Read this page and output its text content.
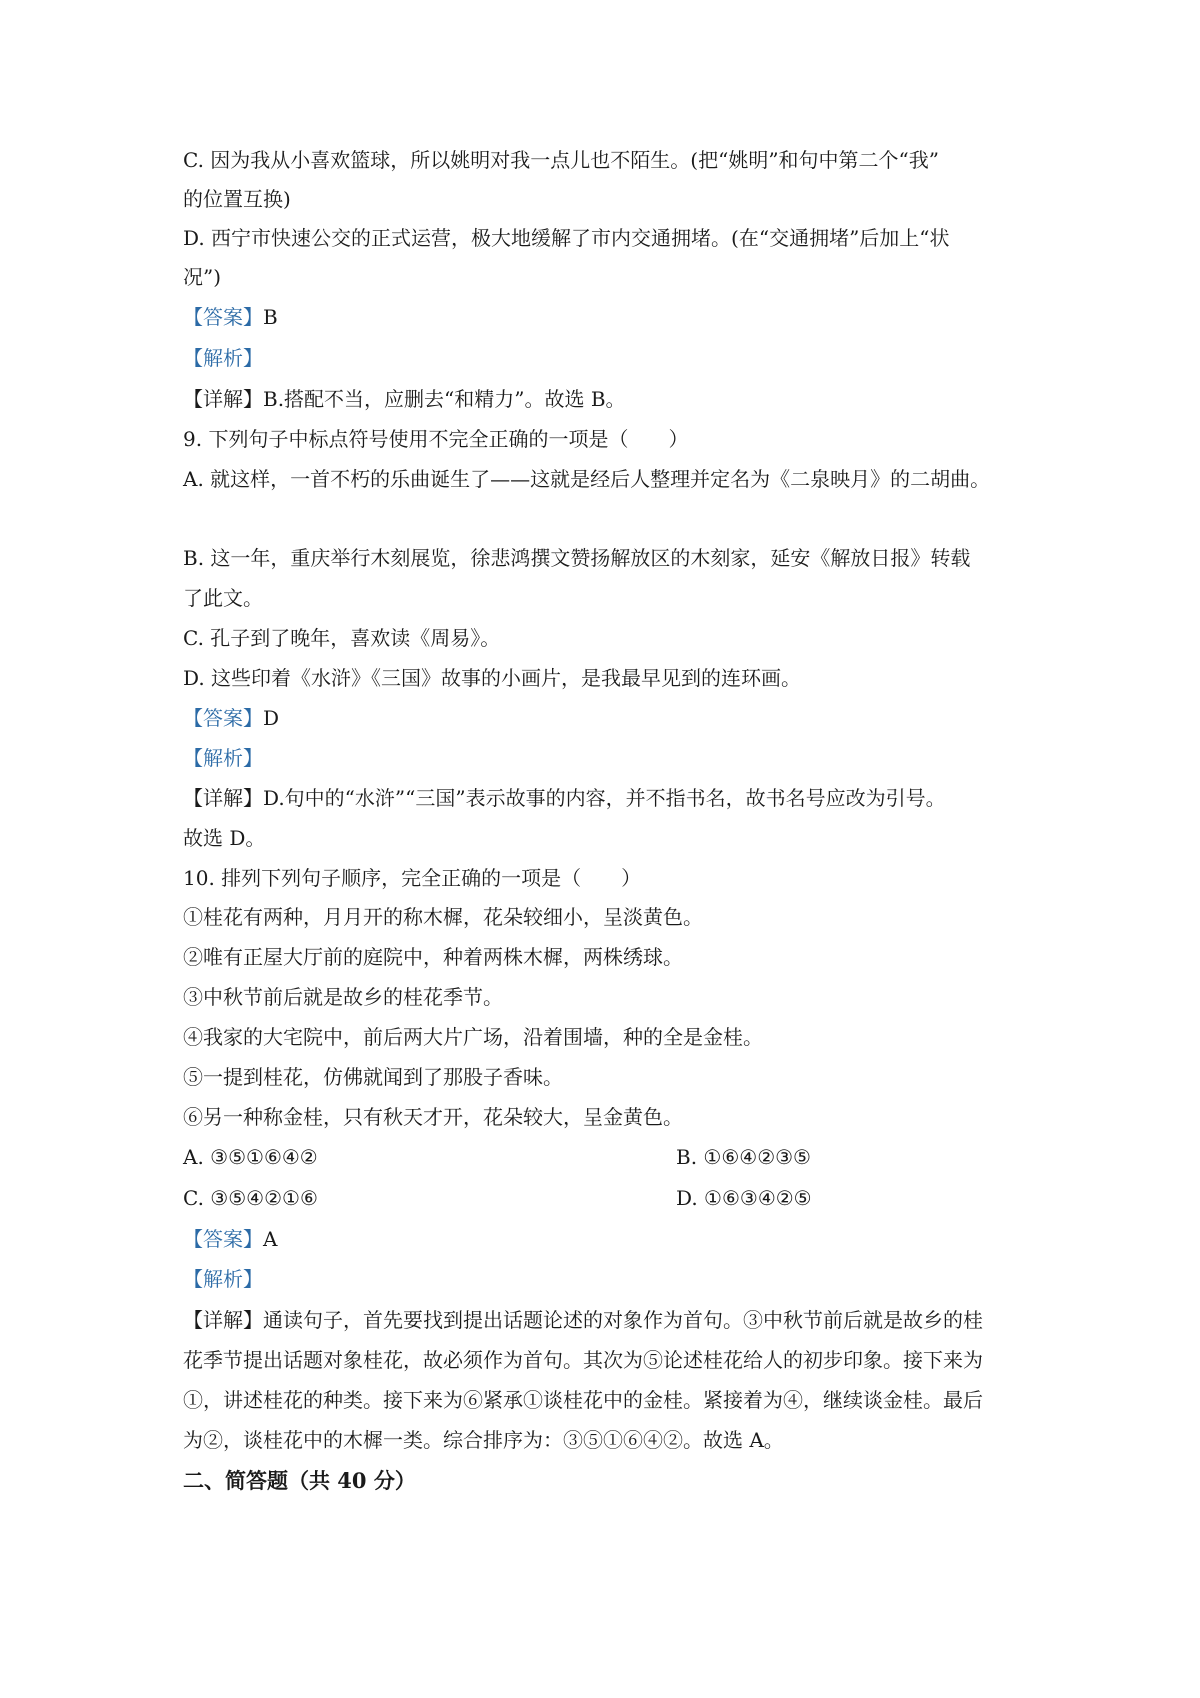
C. 因为我从小喜欢篮球，所以姚明对我一点儿也不陌生。(把“姚明”和句中第二个“我”
的位置互换)
D. 西宁市快速公交的正式运营，极大地缓解了市内交通拥堵。(在“交通拥堵”后加上“状
况”)
【答案】B
【解析】
【详解】B.搭配不当，应删去“和精力”。故选 B。
9. 下列句子中标点符号使用不完全正确的一项是（　　）
A. 就这样，一首不朽的乐曲诞生了——这就是经后人整理并定名为《二泉映月》的二胡曲。
B. 这一年，重庆举行木刻展览，徐悲鸿撰文赞扬解放区的木刻家，延安《解放日报》转载
了此文。
C. 孔子到了晚年，喜欢读《周易》。
D. 这些印着《水浒》《三国》故事的小画片，是我最早见到的连环画。
【答案】D
【解析】
【详解】D.句中的“水浒”“三国”表示故事的内容，并不指书名，故书名号应改为引号。
故选 D。
10. 排列下列句子顺序，完全正确的一项是（　　）
①桂花有两种，月月开的称木樨，花朵较细小，呈淡黄色。
②唯有正屋大厅前的庭院中，种着两株木樨，两株绣球。
③中秋节前后就是故乡的桂花季节。
④我家的大宅院中，前后两大片广场，沿着围墙，种的全是金桂。
⑤一提到桂花，仿佛就闻到了那股子香味。
⑥另一种称金桂，只有秋天才开，花朵较大，呈金黄色。
A. ③⑤①⑥④②	B. ①⑥④②③⑤
C. ③⑤④②①⑥	D. ①⑥③④②⑤
【答案】A
【解析】
【详解】通读句子，首先要找到提出话题论述的对象作为首句。③中秋节前后就是故乡的桂
花季节提出话题对象桂花，故必须作为首句。其次为⑤论述桂花给人的初步印象。接下来为
①，讲述桂花的种类。接下来为⑥紧承①谈桂花中的金桂。紧接着为④，继续谈金桂。最后
为②，谈桂花中的木樨一类。综合排序为：③⑤①⑥④②。故选 A。
二、简答题（共 40 分）
